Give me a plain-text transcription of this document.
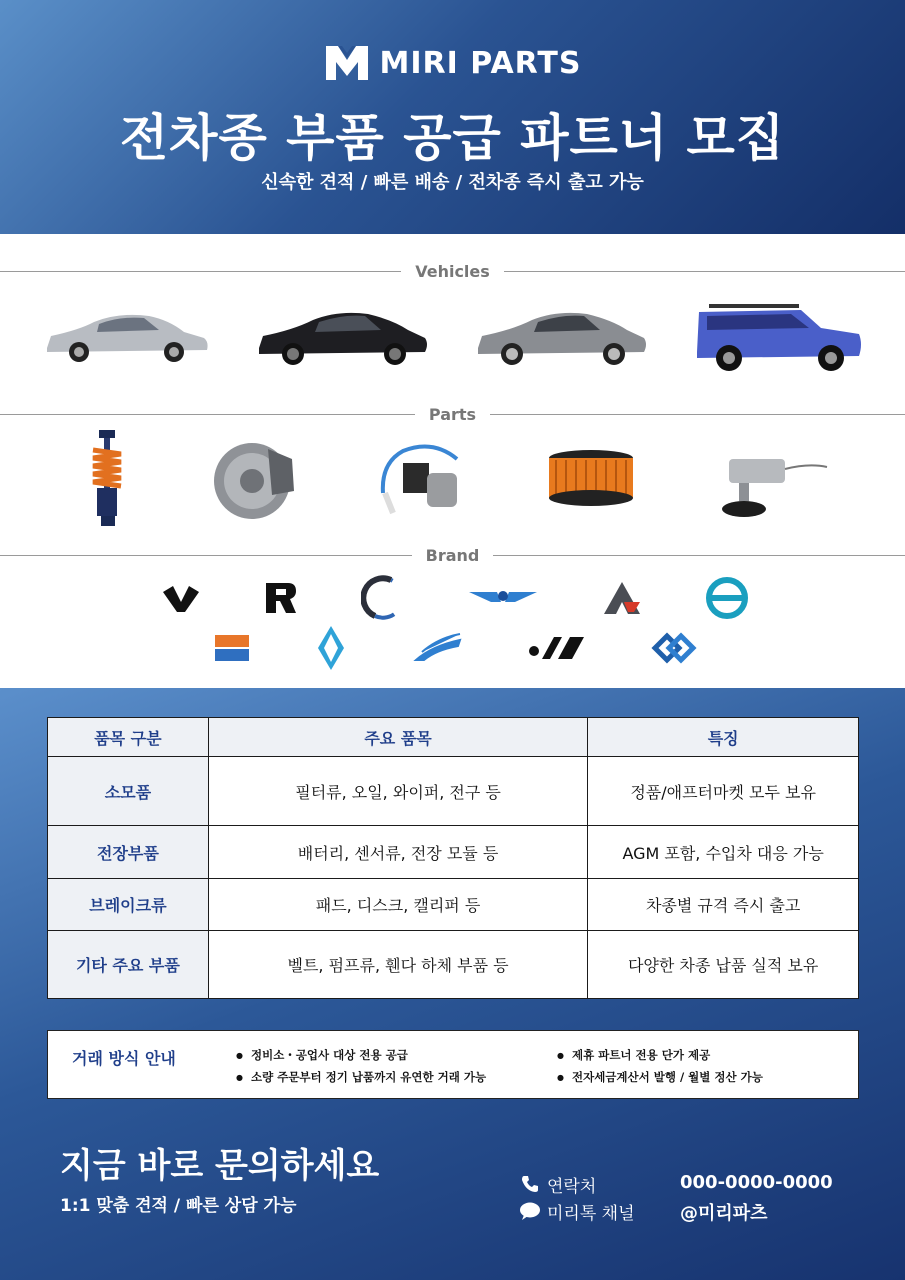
MIRI PARTS
전차종 부품 공급 파트너 모집
신속한 견적 / 빠른 배송 / 전차종 즉시 출고 가능
Vehicles
Parts
Brand
품목 구분	주요 품목	특징
소모품	필터류, 오일, 와이퍼, 전구 등	정품/애프터마켓 모두 보유
전장부품	배터리, 센서류, 전장 모듈 등	AGM 포함, 수입차 대응 가능
브레이크류	패드, 디스크, 캘리퍼 등	차종별 규격 즉시 출고
기타 주요 부품	벨트, 펌프류, 휀다 하체 부품 등	다양한 차종 납품 실적 보유
거래 방식 안내	● 정비소・공업사 대상 전용 공급
● 소량 주문부터 정기 납품까지 유연한 거래 가능
● 제휴 파트너 전용 단가 제공
● 전자세금계산서 발행 / 월별 정산 가능
지금 바로 문의하세요
1:1 맞춤 견적 / 빠른 상담 가능
연락처	000-0000-0000
미리톡 채널	@미리파츠
